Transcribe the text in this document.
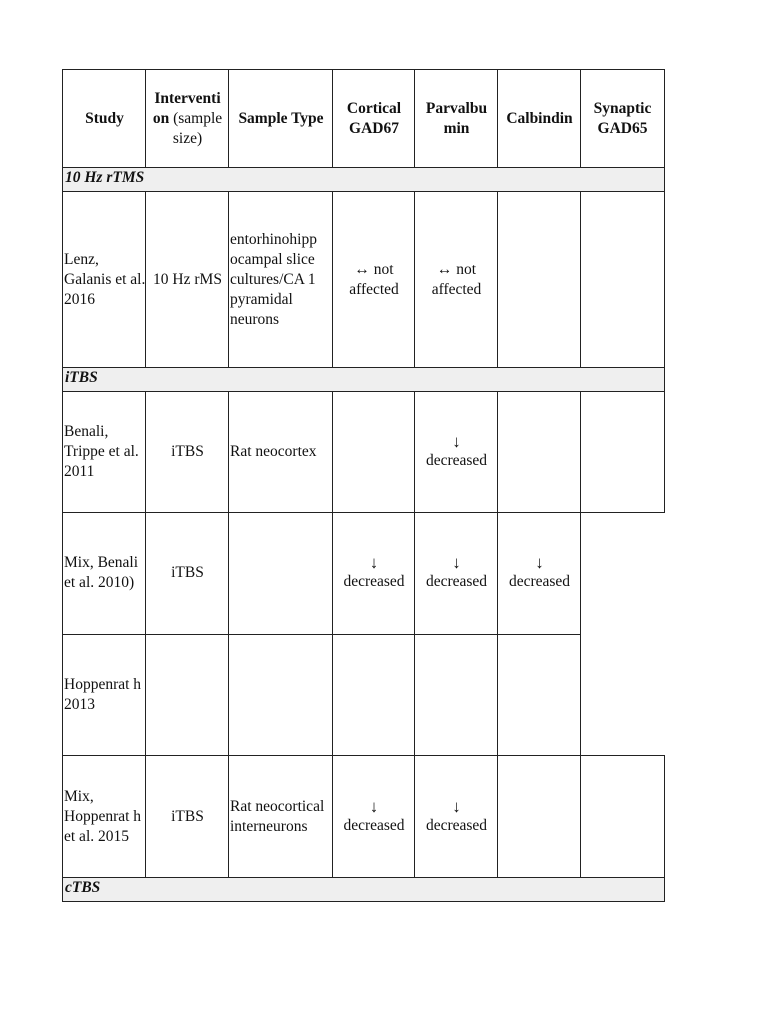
10 Hz rTMS
iTBS
cTBS
Study
Interventi on (sample size)
Sample Type
Cortical GAD67
Parvalbu min
Calbindin
Synaptic GAD65
Lenz, Galanis et al. 2016
10 Hz rMS
entorhinohipp ocampal slice cultures/CA 1 pyramidal neurons
↔ not affected
↔ not affected
Benali, Trippe et al. 2011
iTBS Rat neocortex
↓
decreased
Mix, Benali et al. 2010)
iTBS
↓
decreased
↓
decreased
↓
decreased
Hoppenrat h 2013
Mix, Hoppenrat h et al. 2015
iTBS
Rat neocortical interneurons
↓
decreased
↓
decreased
